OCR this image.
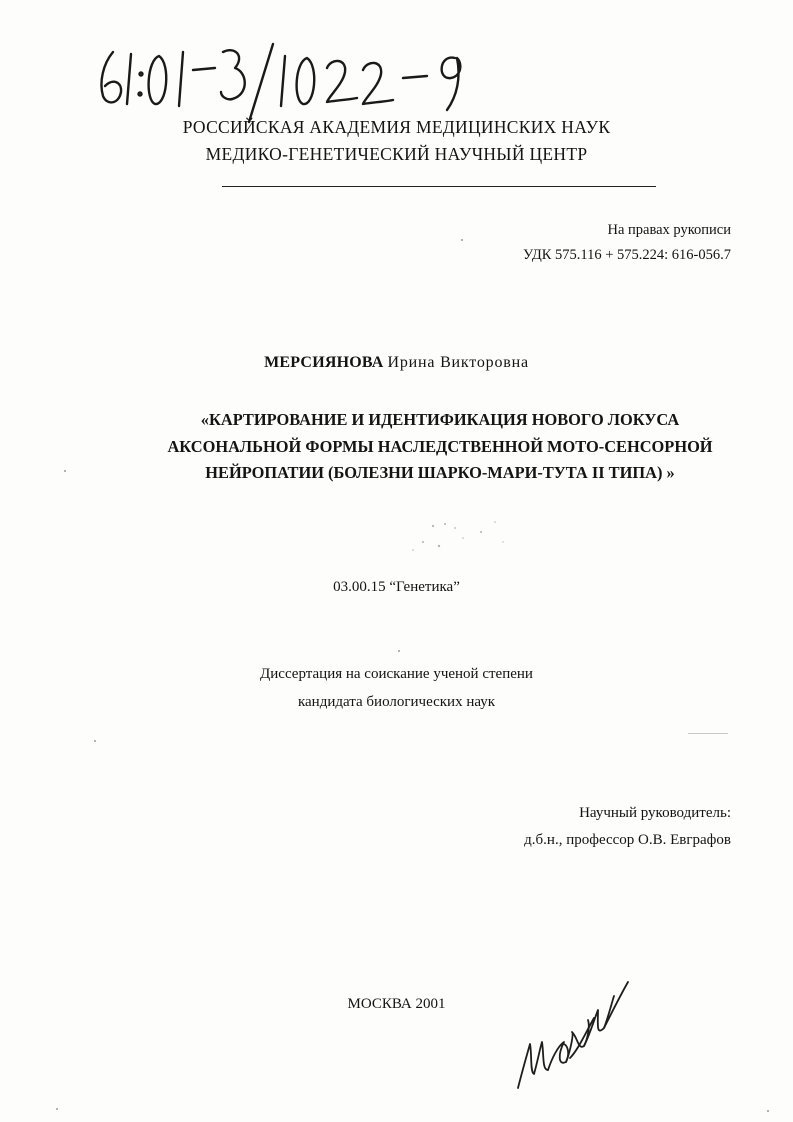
РОССИЙСКАЯ АКАДЕМИЯ МЕДИЦИНСКИХ НАУК
МЕДИКО-ГЕНЕТИЧЕСКИЙ НАУЧНЫЙ ЦЕНТР
На правах рукописи
УДК 575.116 + 575.224: 616-056.7
МЕРСИЯНОВА Ирина Викторовна
«КАРТИРОВАНИЕ И ИДЕНТИФИКАЦИЯ НОВОГО ЛОКУСА
АКСОНАЛЬНОЙ ФОРМЫ НАСЛЕДСТВЕННОЙ МОТО-СЕНСОРНОЙ
НЕЙРОПАТИИ (БОЛЕЗНИ ШАРКО-МАРИ-ТУТА II ТИПА) »
03.00.15 “Генетика”
Диссертация на соискание ученой степени
кандидата биологических наук
Научный руководитель:
д.б.н., профессор О.В. Евграфов
МОСКВА 2001
